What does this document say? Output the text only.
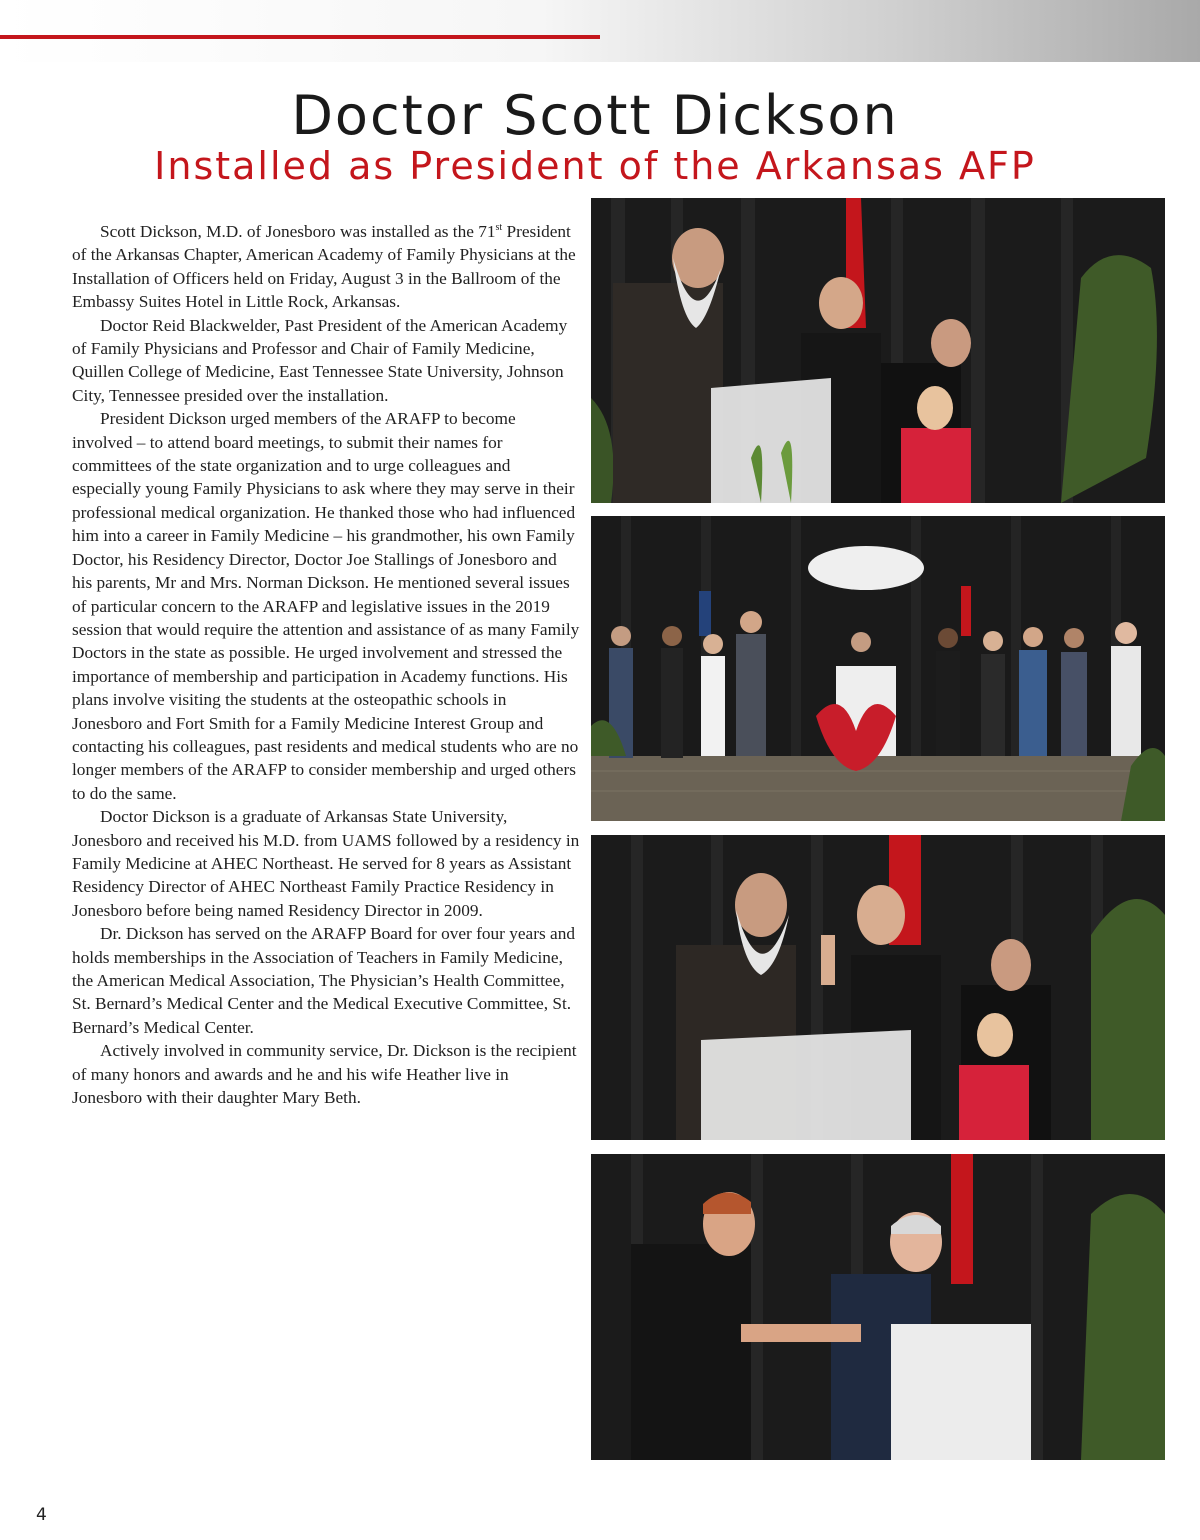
Doctor Scott Dickson
Installed as President of the Arkansas AFP

Scott Dickson, M.D. of Jonesboro was installed as the 71st President of the Arkansas Chapter, American Academy of Family Physicians at the Installation of Officers held on Friday, August 3 in the Ballroom of the Embassy Suites Hotel in Little Rock, Arkansas.

Doctor Reid Blackwelder, Past President of the American Academy of Family Physicians and Professor and Chair of Family Medicine, Quillen College of Medicine, East Tennessee State University, Johnson City, Tennessee presided over the installation.

President Dickson urged members of the ARAFP to become involved – to attend board meetings, to submit their names for committees of the state organization and to urge colleagues and especially young Family Physicians to ask where they may serve in their professional medical organization. He thanked those who had influenced him into a career in Family Medicine – his grandmother, his own Family Doctor, his Residency Director, Doctor Joe Stallings of Jonesboro and his parents, Mr and Mrs. Norman Dickson. He mentioned several issues of particular concern to the ARAFP and legislative issues in the 2019 session that would require the attention and assistance of as many Family Doctors in the state as possible. He urged involvement and stressed the importance of membership and participation in Academy functions. His plans involve visiting the students at the osteopathic schools in Jonesboro and Fort Smith for a Family Medicine Interest Group and contacting his colleagues, past residents and medical students who are no longer members of the ARAFP to consider membership and urged others to do the same.

Doctor Dickson is a graduate of Arkansas State University, Jonesboro and received his M.D. from UAMS followed by a residency in Family Medicine at AHEC Northeast. He served for 8 years as Assistant Residency Director of AHEC Northeast Family Practice Residency in Jonesboro before being named Residency Director in 2009.

Dr. Dickson has served on the ARAFP Board for over four years and holds memberships in the Association of Teachers in Family Medicine, the American Medical Association, The Physician’s Health Committee, St. Bernard’s Medical Center and the Medical Executive Committee, St. Bernard’s Medical Center.

Actively involved in community service, Dr. Dickson is the recipient of many honors and awards and he and his wife Heather live in Jonesboro with their daughter Mary Beth.

4
